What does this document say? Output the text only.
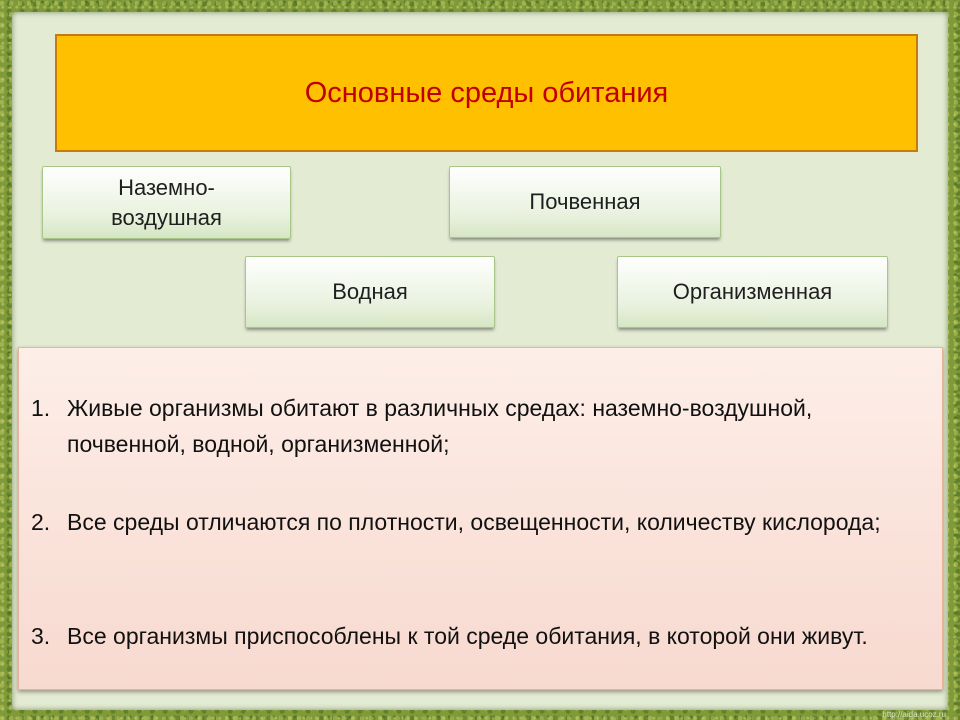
Основные среды обитания
Наземно-
воздушная
Почвенная
Водная	Организменная
1. Живые организмы обитают в различных средах: наземно-воздушной, почвенной, водной, организменной;
2. Все среды отличаются по плотности, освещенности, количеству кислорода;
3. Все организмы приспособлены к той среде обитания, в которой они живут.
http://aida.ucoz.ru
